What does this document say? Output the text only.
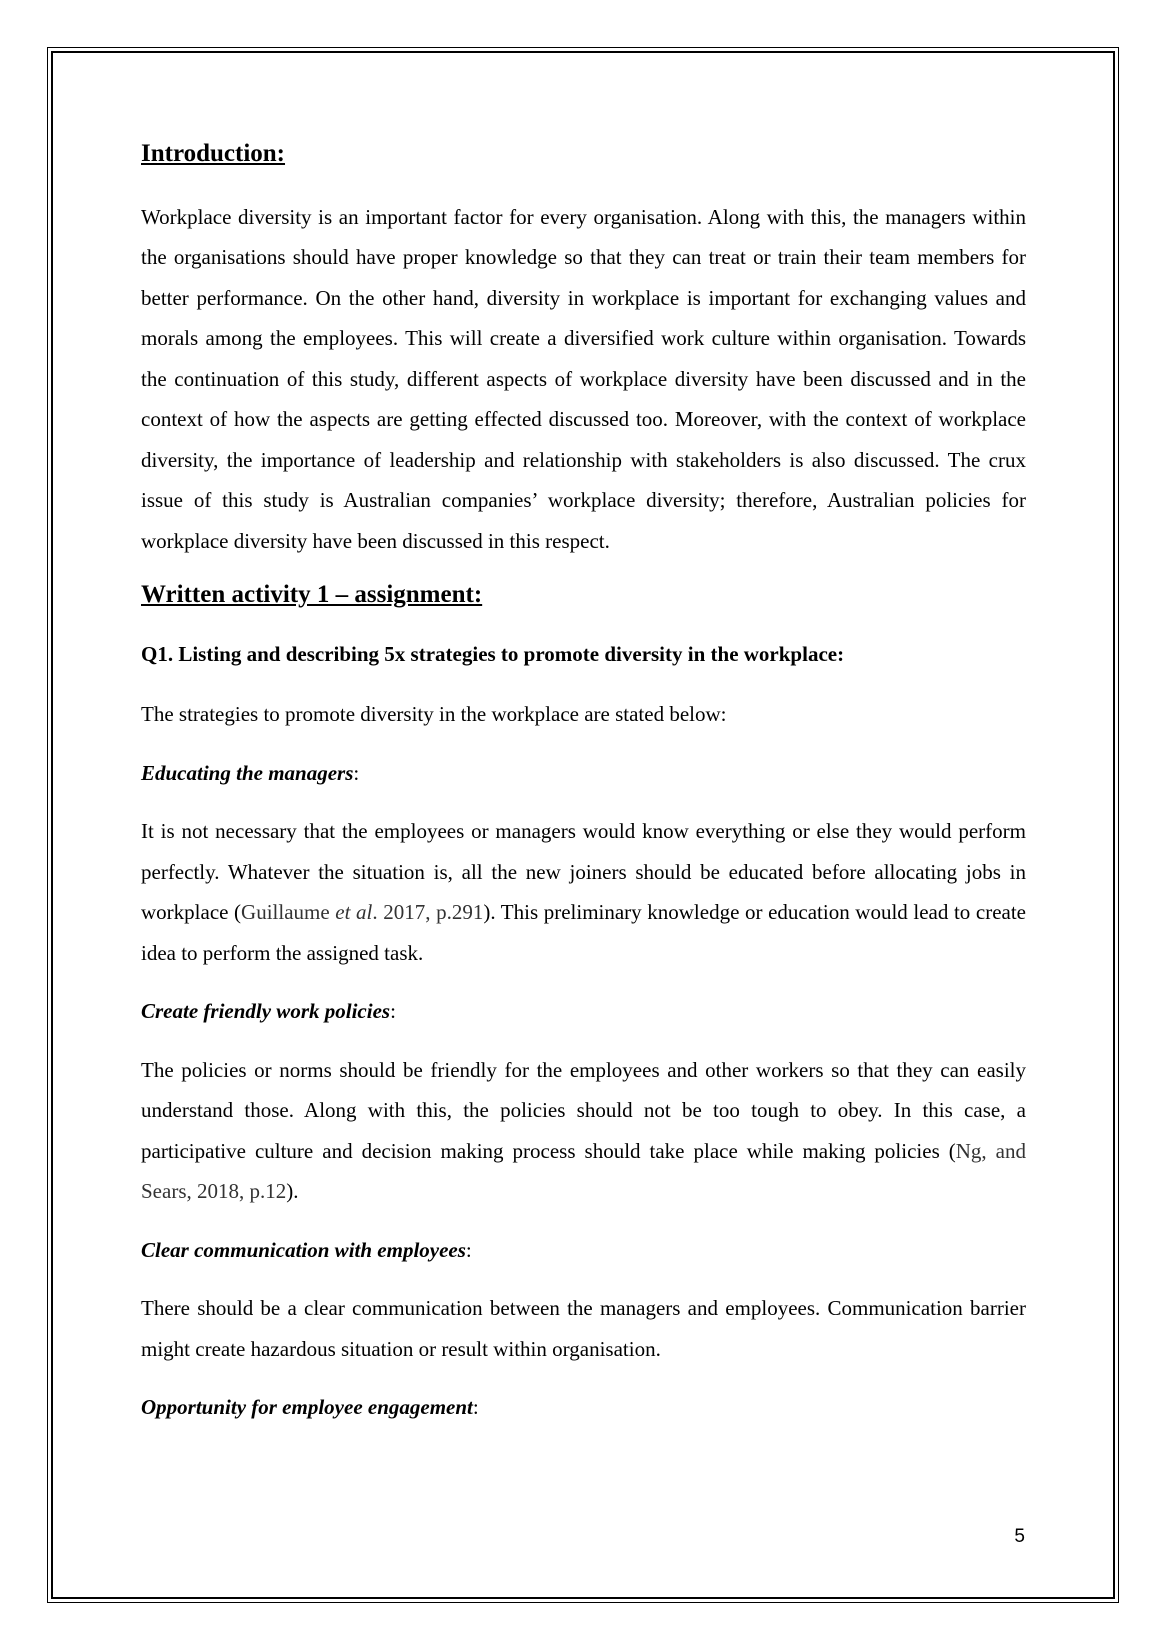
Introduction:

Workplace diversity is an important factor for every organisation. Along with this, the managers within the organisations should have proper knowledge so that they can treat or train their team members for better performance. On the other hand, diversity in workplace is important for exchanging values and morals among the employees. This will create a diversified work culture within organisation. Towards the continuation of this study, different aspects of workplace diversity have been discussed and in the context of how the aspects are getting effected discussed too. Moreover, with the context of workplace diversity, the importance of leadership and relationship with stakeholders is also discussed. The crux issue of this study is Australian companies’ workplace diversity; therefore, Australian policies for workplace diversity have been discussed in this respect.

Written activity 1 – assignment:

Q1. Listing and describing 5x strategies to promote diversity in the workplace:

The strategies to promote diversity in the workplace are stated below:

Educating the managers:

It is not necessary that the employees or managers would know everything or else they would perform perfectly. Whatever the situation is, all the new joiners should be educated before allocating jobs in workplace (Guillaume et al. 2017, p.291). This preliminary knowledge or education would lead to create idea to perform the assigned task.

Create friendly work policies:

The policies or norms should be friendly for the employees and other workers so that they can easily understand those. Along with this, the policies should not be too tough to obey. In this case, a participative culture and decision making process should take place while making policies (Ng, and Sears, 2018, p.12).

Clear communication with employees:

There should be a clear communication between the managers and employees. Communication barrier might create hazardous situation or result within organisation.

Opportunity for employee engagement:

5
